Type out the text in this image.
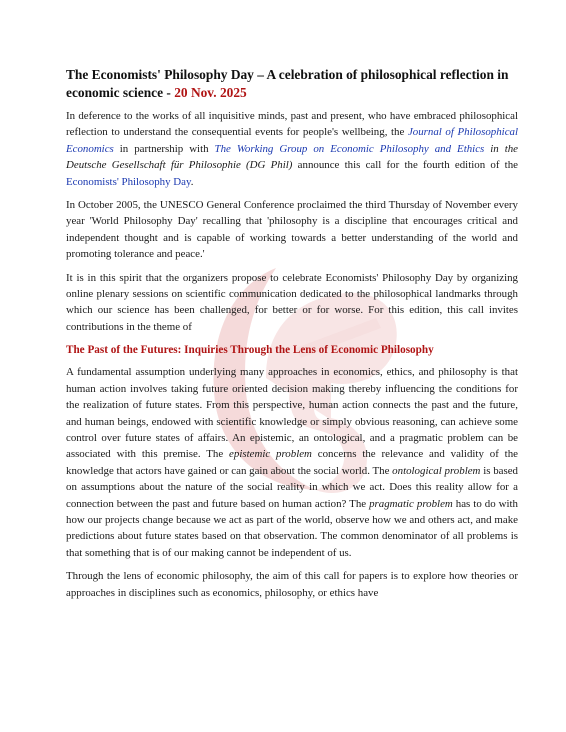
The Economists' Philosophy Day – A celebration of philosophical reflection in economic science - 20 Nov. 2025

In deference to the works of all inquisitive minds, past and present, who have embraced philosophical reflection to understand the consequential events for people's wellbeing, the Journal of Philosophical Economics in partnership with The Working Group on Economic Philosophy and Ethics in the Deutsche Gesellschaft für Philosophie (DG Phil) announce this call for the fourth edition of the Economists' Philosophy Day.

In October 2005, the UNESCO General Conference proclaimed the third Thursday of November every year 'World Philosophy Day' recalling that 'philosophy is a discipline that encourages critical and independent thought and is capable of working towards a better understanding of the world and promoting tolerance and peace.'

It is in this spirit that the organizers propose to celebrate Economists' Philosophy Day by organizing online plenary sessions on scientific communication dedicated to the philosophical landmarks through which our science has been challenged, for better or for worse. For this edition, this call invites contributions in the theme of

The Past of the Futures: Inquiries Through the Lens of Economic Philosophy

A fundamental assumption underlying many approaches in economics, ethics, and philosophy is that human action involves taking future oriented decision making thereby influencing the conditions for the realization of future states. From this perspective, human action connects the past and the future, and human beings, endowed with scientific knowledge or simply obvious reasoning, can achieve some control over future states of affairs. An epistemic, an ontological, and a pragmatic problem can be associated with this premise. The epistemic problem concerns the relevance and validity of the knowledge that actors have gained or can gain about the social world. The ontological problem is based on assumptions about the nature of the social reality in which we act. Does this reality allow for a connection between the past and future based on human action? The pragmatic problem has to do with how our projects change because we act as part of the world, observe how we and others act, and make predictions about future states based on that observation. The common denominator of all problems is that something that is of our making cannot be independent of us.

Through the lens of economic philosophy, the aim of this call for papers is to explore how theories or approaches in disciplines such as economics, philosophy, or ethics have
